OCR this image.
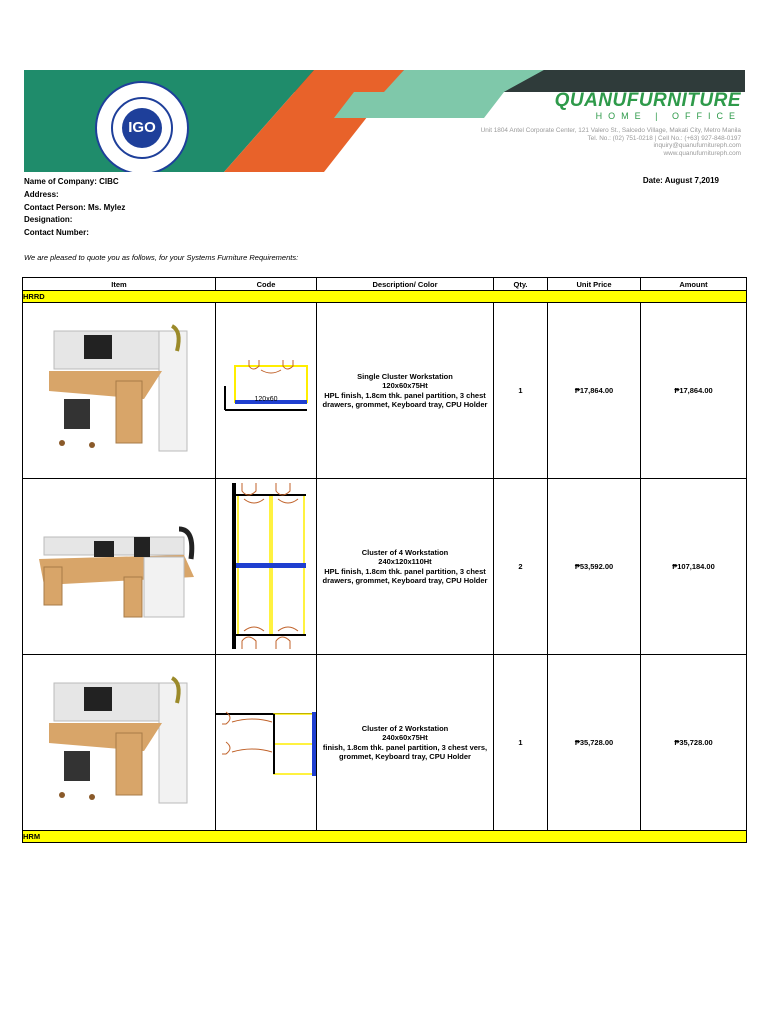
IGO
QUANUFURNITURE
HOME | OFFICE
Unit 1804 Antel Corporate Center, 121 Valero St., Salcedo Village, Makati City, Metro Manila
Tel. No.: (02) 751-0218 | Cell No.: (+63) 927-848-0197
inquiry@quanufurnitureph.com
www.quanufurnitureph.com
Name of Company: CIBC
Address:
Contact Person: Ms. Mylez
Designation:
Contact Number:
Date: August 7,2019
We are pleased to quote you as follows, for your Systems Furniture Requirements:
Item	Code	Description/ Color	Qty.	Unit Price	Amount
HRRD					

120x60	Single Cluster Workstation
120x60x75Ht
HPL finish, 1.8cm thk. panel partition, 3 chest drawers, grommet, Keyboard tray, CPU Holder	1	₱17,864.00	₱17,864.00

Cluster of 4 Workstation
240x120x110Ht
HPL finish, 1.8cm thk. panel partition, 3 chest drawers, grommet, Keyboard tray, CPU Holder	2	₱53,592.00	₱107,184.00

Cluster of 2 Workstation
240x60x75Ht
finish, 1.8cm thk. panel partition, 3 chest vers, grommet, Keyboard tray, CPU Holder	1	₱35,728.00	₱35,728.00
HRM					
